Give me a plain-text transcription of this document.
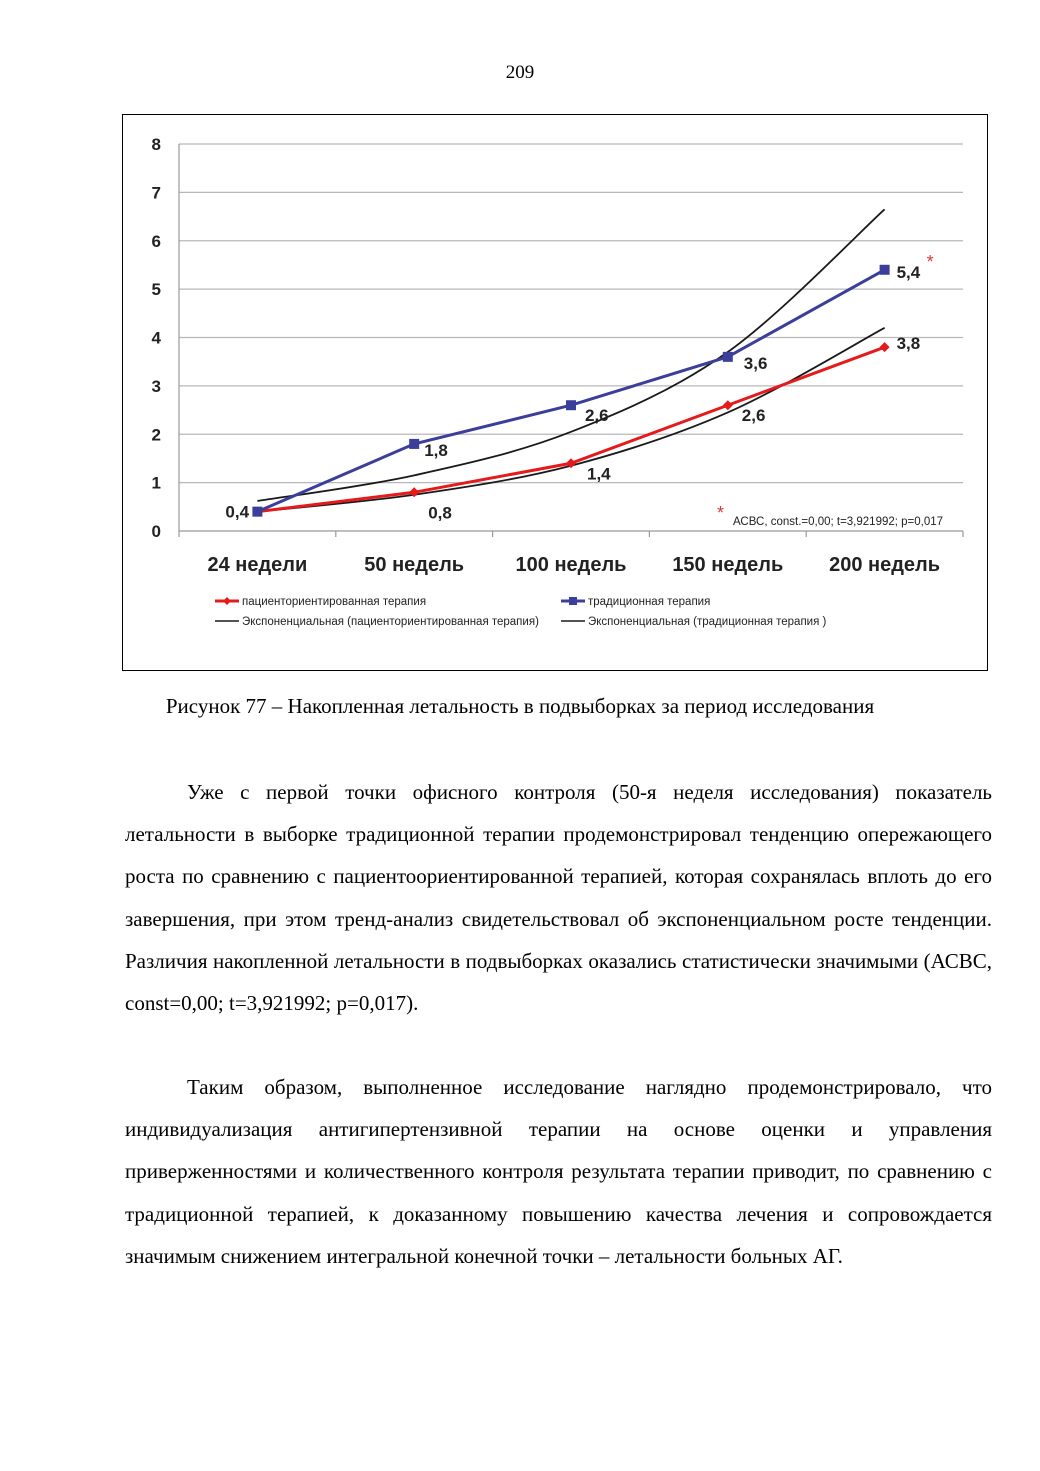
209
0
1
2
3
4
5
6
7
8
24 недели	50 недель	100 недель 150 недель 200 недель
0,8
1,4
2,6
3,8
0,4
1,8
2,6
3,6
5,4
*
* АСВС, const.=0,00; t=3,921992; p=0,017
пациенториентированная терапия	традиционная терапия
Экспоненциальная (пациенториентированная терапия)	Экспоненциальная (традиционная терапия )
Рисунок 77 – Накопленная летальность в подвыборках за период исследования

Уже с первой точки офисного контроля (50-я неделя исследования) показатель летальности в выборке традиционной терапии продемонстрировал тенденцию опережающего роста по сравнению с пациентоориентированной терапией, которая сохранялась вплоть до его завершения, при этом тренд-анализ свидетельствовал об экспоненциальном росте тенденции. Различия накопленной летальности в подвыборках оказались статистически значимыми (АСВС, const=0,00; t=3,921992; p=0,017).

Таким образом, выполненное исследование наглядно продемонстрировало, что индивидуализация антигипертензивной терапии на основе оценки и управления приверженностями и количественного контроля результата терапии приводит, по сравнению с традиционной терапией, к доказанному повышению качества лечения и сопровождается значимым снижением интегральной конечной точки – летальности больных АГ.
